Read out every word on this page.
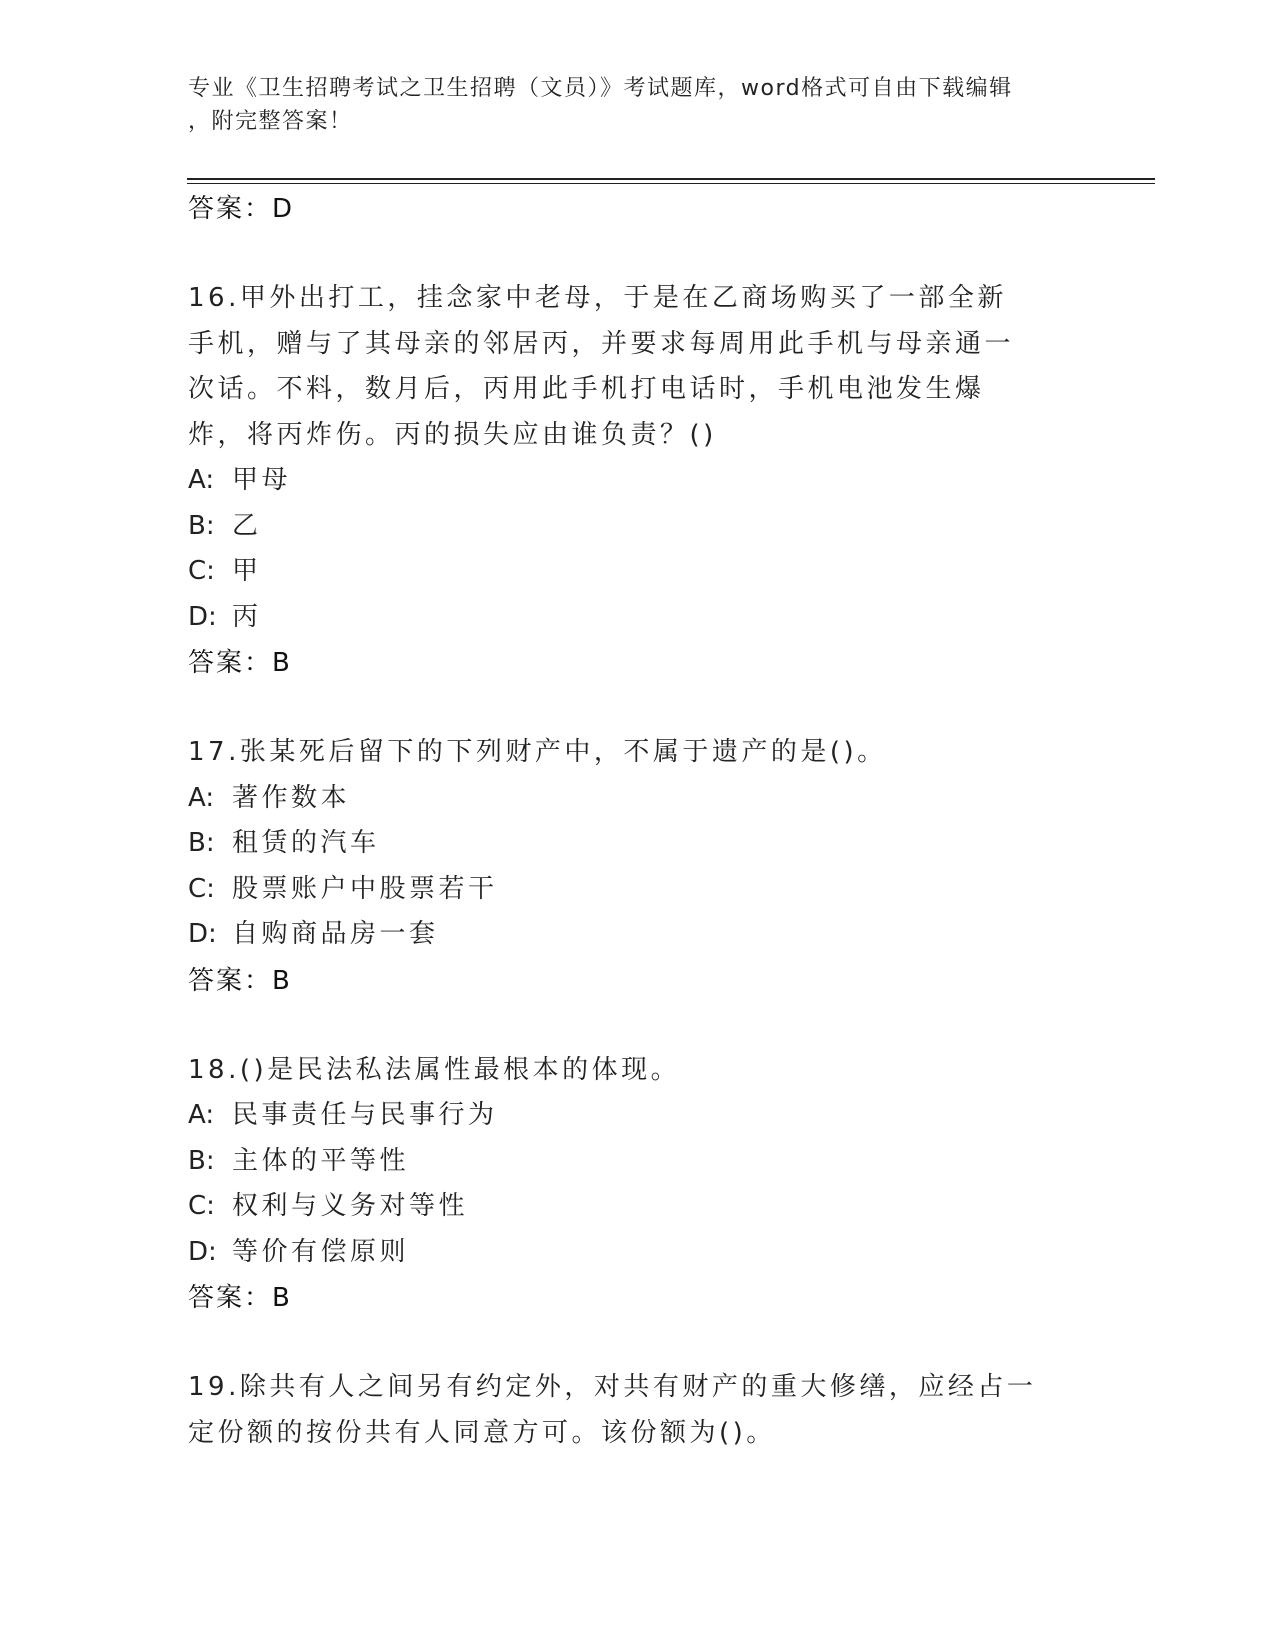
专业《卫生招聘考试之卫生招聘（文员）》考试题库，word格式可自由下载编辑
，附完整答案！
答案：D
16.甲外出打工，挂念家中老母，于是在乙商场购买了一部全新手机，赠与了其母亲的邻居丙，并要求每周用此手机与母亲通一次话。不料，数月后，丙用此手机打电话时，手机电池发生爆炸，将丙炸伤。丙的损失应由谁负责？()
A: 甲母
B: 乙
C: 甲
D: 丙
答案：B
17.张某死后留下的下列财产中，不属于遗产的是()。
A: 著作数本
B: 租赁的汽车
C: 股票账户中股票若干
D: 自购商品房一套
答案：B
18.()是民法私法属性最根本的体现。
A: 民事责任与民事行为
B: 主体的平等性
C: 权利与义务对等性
D: 等价有偿原则
答案：B
19.除共有人之间另有约定外，对共有财产的重大修缮，应经占一定份额的按份共有人同意方可。该份额为()。
